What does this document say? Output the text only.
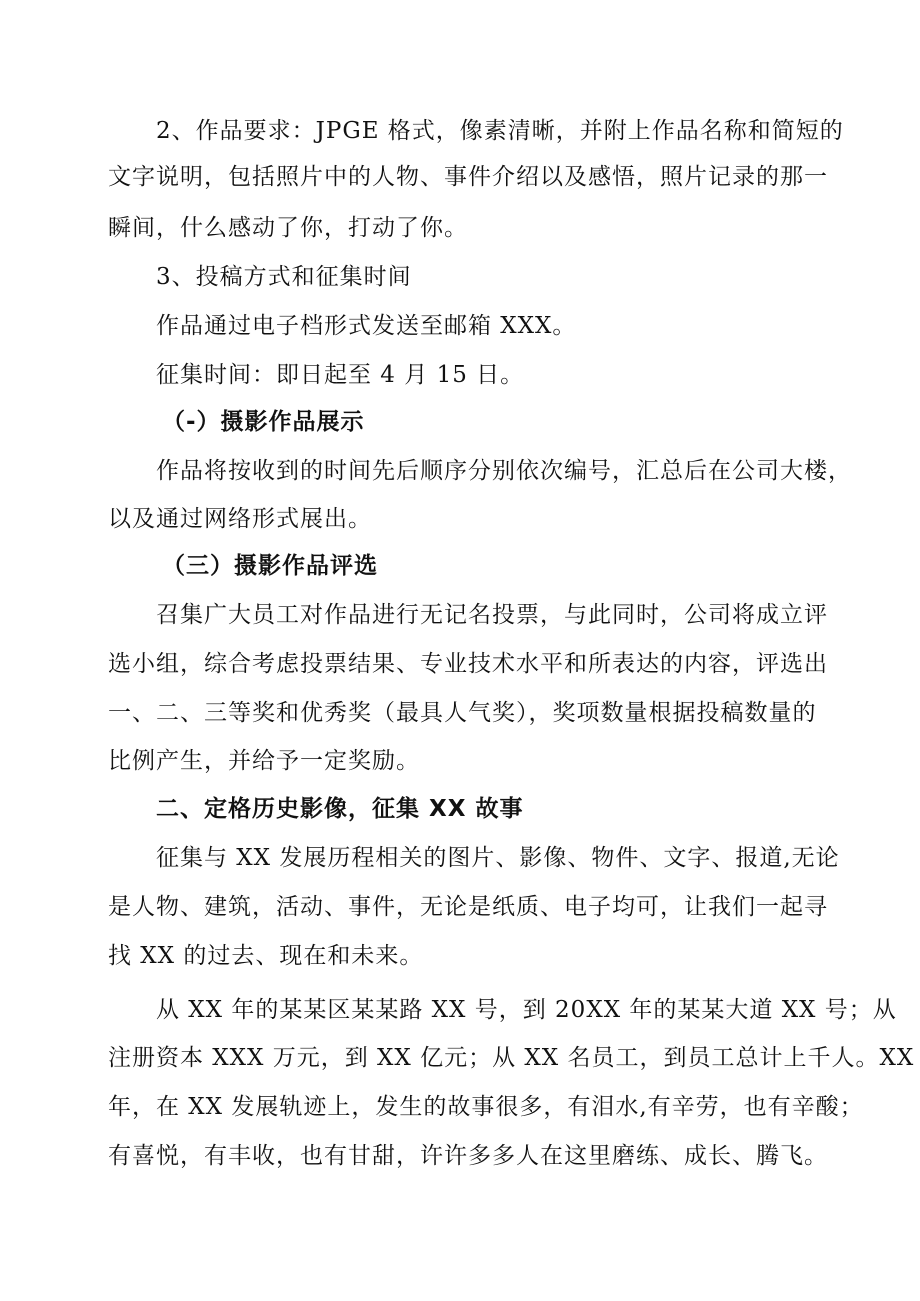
2、作品要求：JPGE 格式，像素清晰，并附上作品名称和简短的
文字说明，包括照片中的人物、事件介绍以及感悟，照片记录的那一
瞬间，什么感动了你，打动了你。
3、投稿方式和征集时间
作品通过电子档形式发送至邮箱 XXX。
征集时间：即日起至 4 月 15 日。
（-）摄影作品展示
作品将按收到的时间先后顺序分别依次编号，汇总后在公司大楼，
以及通过网络形式展出。
（三）摄影作品评选
召集广大员工对作品进行无记名投票，与此同时，公司将成立评
选小组，综合考虑投票结果、专业技术水平和所表达的内容，评选出
一、二、三等奖和优秀奖（最具人气奖），奖项数量根据投稿数量的
比例产生，并给予一定奖励。
二、定格历史影像，征集 XX 故事
征集与 XX 发展历程相关的图片、影像、物件、文字、报道,无论
是人物、建筑，活动、事件，无论是纸质、电子均可，让我们一起寻
找 XX 的过去、现在和未来。
从 XX 年的某某区某某路 XX 号，到 20XX 年的某某大道 XX 号；从
注册资本 XXX 万元，到 XX 亿元；从 XX 名员工，到员工总计上千人。XX
年，在 XX 发展轨迹上，发生的故事很多，有泪水,有辛劳，也有辛酸；
有喜悦，有丰收，也有甘甜，许许多多人在这里磨练、成长、腾飞。
